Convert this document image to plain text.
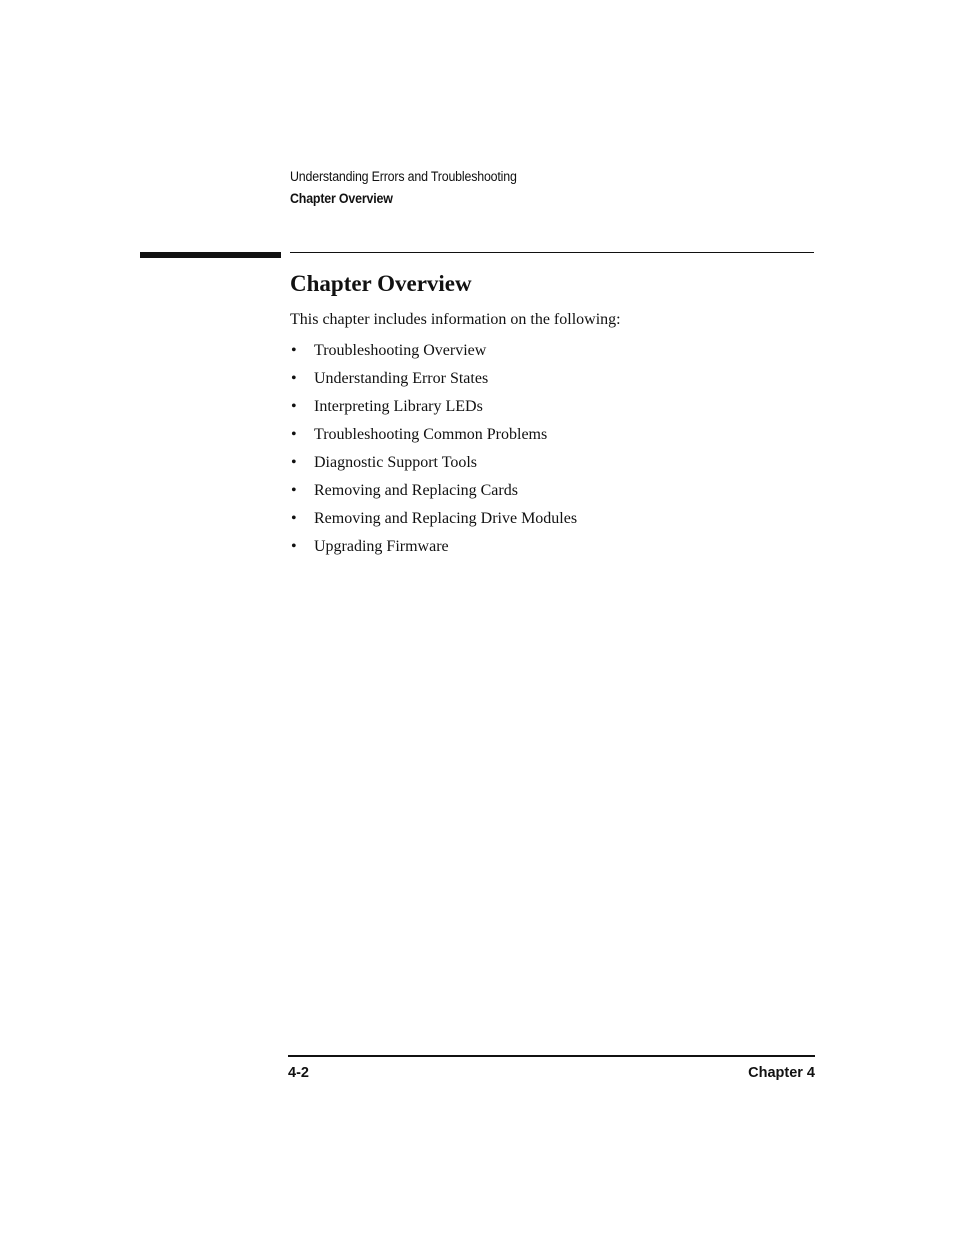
Understanding Errors and Troubleshooting
Chapter Overview
Chapter Overview

This chapter includes information on the following:

•	Troubleshooting Overview
•	Understanding Error States
•	Interpreting Library LEDs
•	Troubleshooting Common Problems
•	Diagnostic Support Tools
•	Removing and Replacing Cards
•	Removing and Replacing Drive Modules
•	Upgrading Firmware
4-2	Chapter 4
